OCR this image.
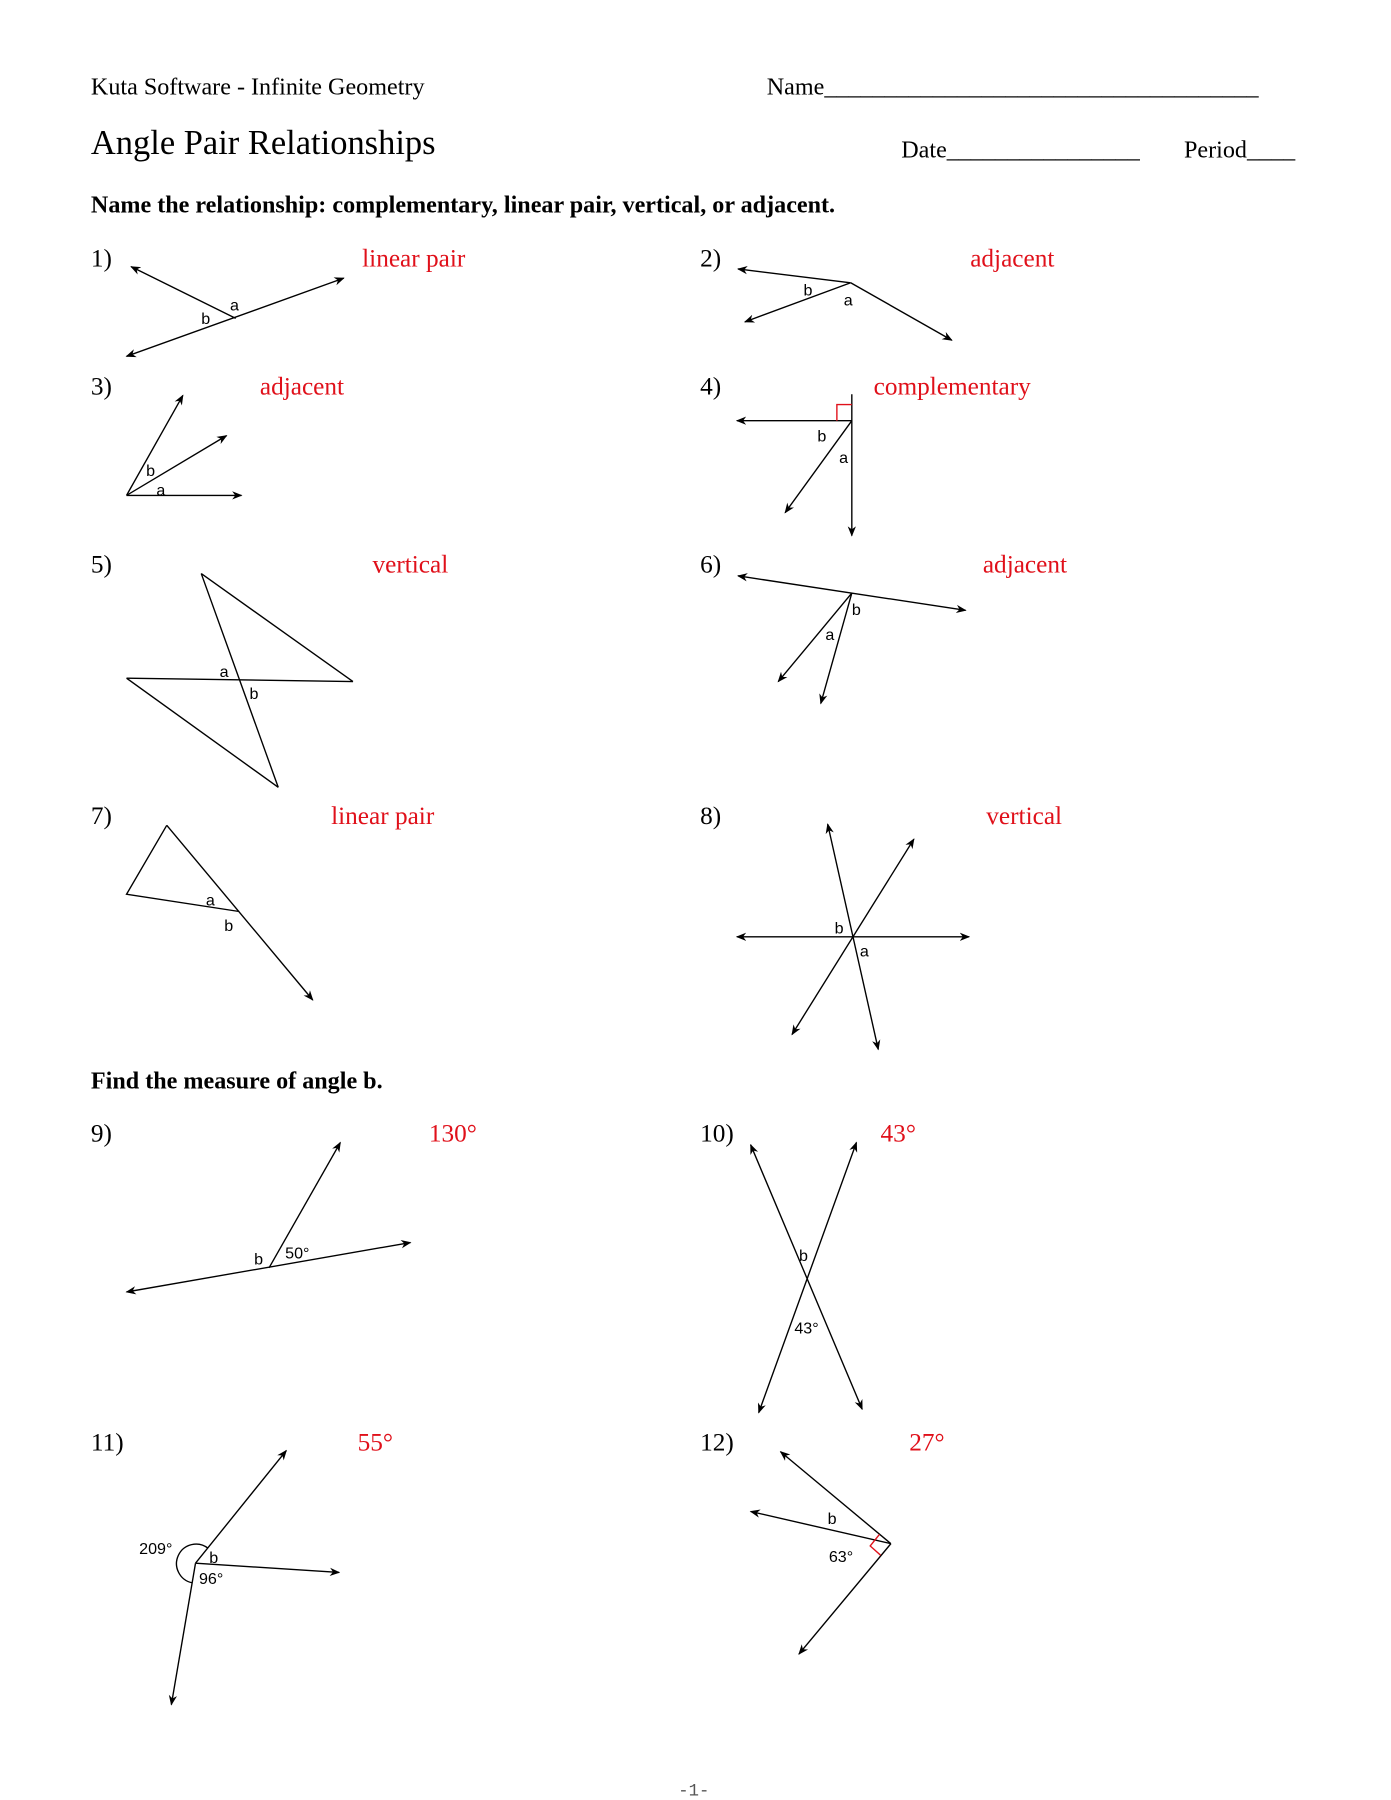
Kuta Software - Infinite Geometry	Name____________________________________
Angle Pair Relationships	Date________________ Period____
Name the relationship: complementary, linear pair, vertical, or adjacent.
Find the measure of angle b.
1)	linear pair
a
b
2)	adjacent
b
a
3)	adjacent
b
a
4)	complementary
b
a
5)	vertical
a
b
6)	adjacent
b
a
7)	linear pair
a
b
8)	vertical
b
a
9)	130°
b 50°
10)	43°
b
43°
11)	55°
209°
b
96°
12)	27°
b
63°
-1-
